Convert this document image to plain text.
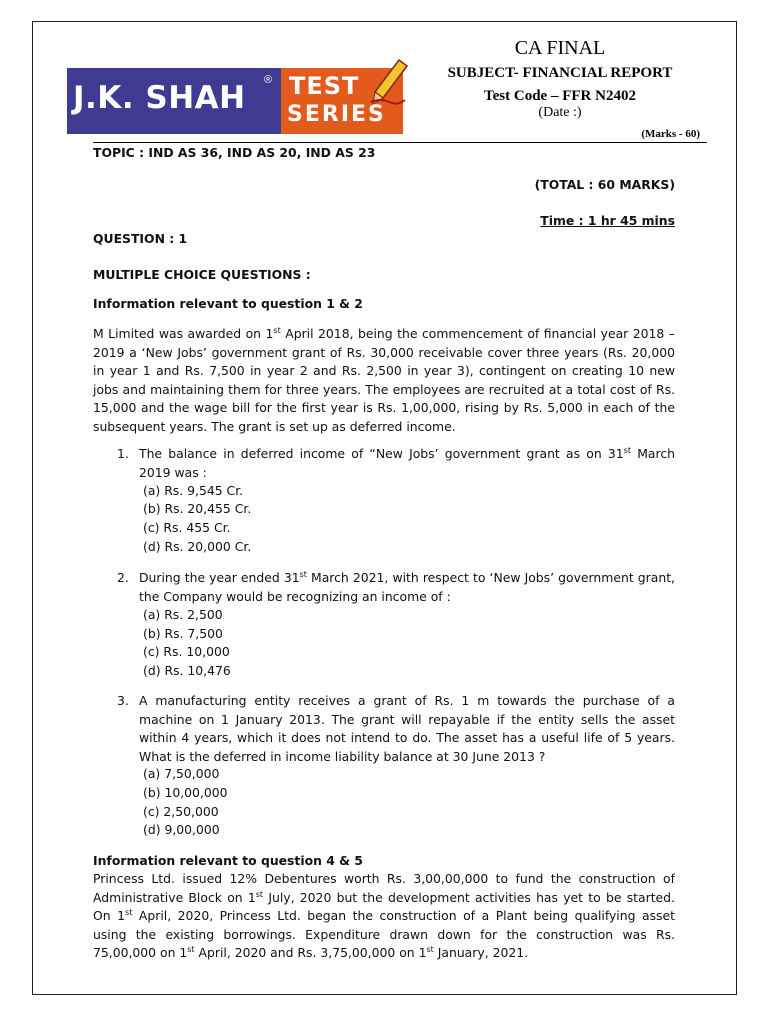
J.K. SHAH ® TEST
SERIES
CA FINAL
SUBJECT- FINANCIAL REPORT
Test Code – FFR N2402
(Date :)
(Marks - 60)
TOPIC : IND AS 36, IND AS 20, IND AS 23
(TOTAL : 60 MARKS)
Time : 1 hr 45 mins
QUESTION : 1
MULTIPLE CHOICE QUESTIONS :
Information relevant to question 1 & 2
M Limited was awarded on 1st April 2018, being the commencement of financial year 2018 – 2019 a ‘New Jobs’ government grant of Rs. 30,000 receivable cover three years (Rs. 20,000 in year 1 and Rs. 7,500 in year 2 and Rs. 2,500 in year 3), contingent on creating 10 new jobs and maintaining them for three years. The employees are recruited at a total cost of Rs. 15,000 and the wage bill for the first year is Rs. 1,00,000, rising by Rs. 5,000 in each of the subsequent years. The grant is set up as deferred income.
1. The balance in deferred income of “New Jobs’ government grant as on 31st March 2019 was :
(a) Rs. 9,545 Cr.
(b) Rs. 20,455 Cr.
(c) Rs. 455 Cr.
(d) Rs. 20,000 Cr.
2. During the year ended 31st March 2021, with respect to ‘New Jobs’ government grant, the Company would be recognizing an income of :
(a) Rs. 2,500
(b) Rs. 7,500
(c) Rs. 10,000
(d) Rs. 10,476
3. A manufacturing entity receives a grant of Rs. 1 m towards the purchase of a machine on 1 January 2013. The grant will repayable if the entity sells the asset within 4 years, which it does not intend to do. The asset has a useful life of 5 years. What is the deferred in income liability balance at 30 June 2013 ?
(a) 7,50,000
(b) 10,00,000
(c) 2,50,000
(d) 9,00,000
Information relevant to question 4 & 5
Princess Ltd. issued 12% Debentures worth Rs. 3,00,00,000 to fund the construction of Administrative Block on 1st July, 2020 but the development activities has yet to be started. On 1st April, 2020, Princess Ltd. began the construction of a Plant being qualifying asset using the existing borrowings. Expenditure drawn down for the construction was Rs. 75,00,000 on 1st April, 2020 and Rs. 3,75,00,000 on 1st January, 2021.
